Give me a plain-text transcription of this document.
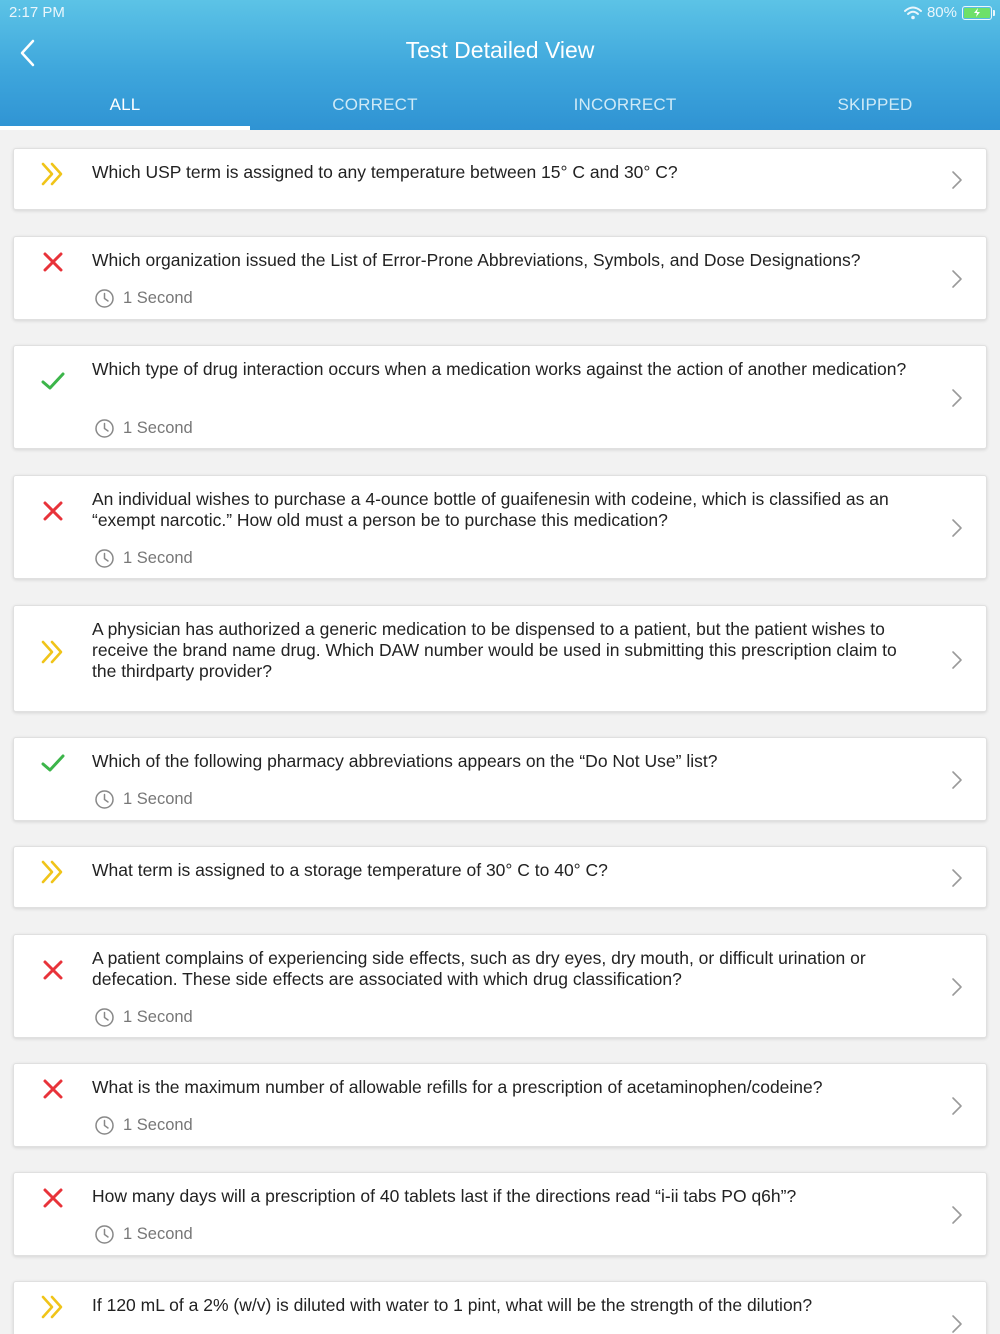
2:17 PM	80%
Test Detailed View
ALL	CORRECT	INCORRECT	SKIPPED
Which USP term is assigned to any temperature between 15° C and 30° C?
Which organization issued the List of Error-Prone Abbreviations, Symbols, and Dose Designations?
1 Second
Which type of drug interaction occurs when a medication works against the action of another medication?
1 Second
An individual wishes to purchase a 4-ounce bottle of guaifenesin with codeine, which is classified as an “exempt narcotic.” How old must a person be to purchase this medication?
1 Second
A physician has authorized a generic medication to be dispensed to a patient, but the patient wishes to receive the brand name drug. Which DAW number would be used in submitting this prescription claim to the thirdparty provider?
Which of the following pharmacy abbreviations appears on the “Do Not Use” list?
1 Second
What term is assigned to a storage temperature of 30° C to 40° C?
A patient complains of experiencing side effects, such as dry eyes, dry mouth, or difficult urination or defecation. These side effects are associated with which drug classification?
1 Second
What is the maximum number of allowable refills for a prescription of acetaminophen/codeine?
1 Second
How many days will a prescription of 40 tablets last if the directions read “i-ii tabs PO q6h”?
1 Second
If 120 mL of a 2% (w/v) is diluted with water to 1 pint, what will be the strength of the dilution?
